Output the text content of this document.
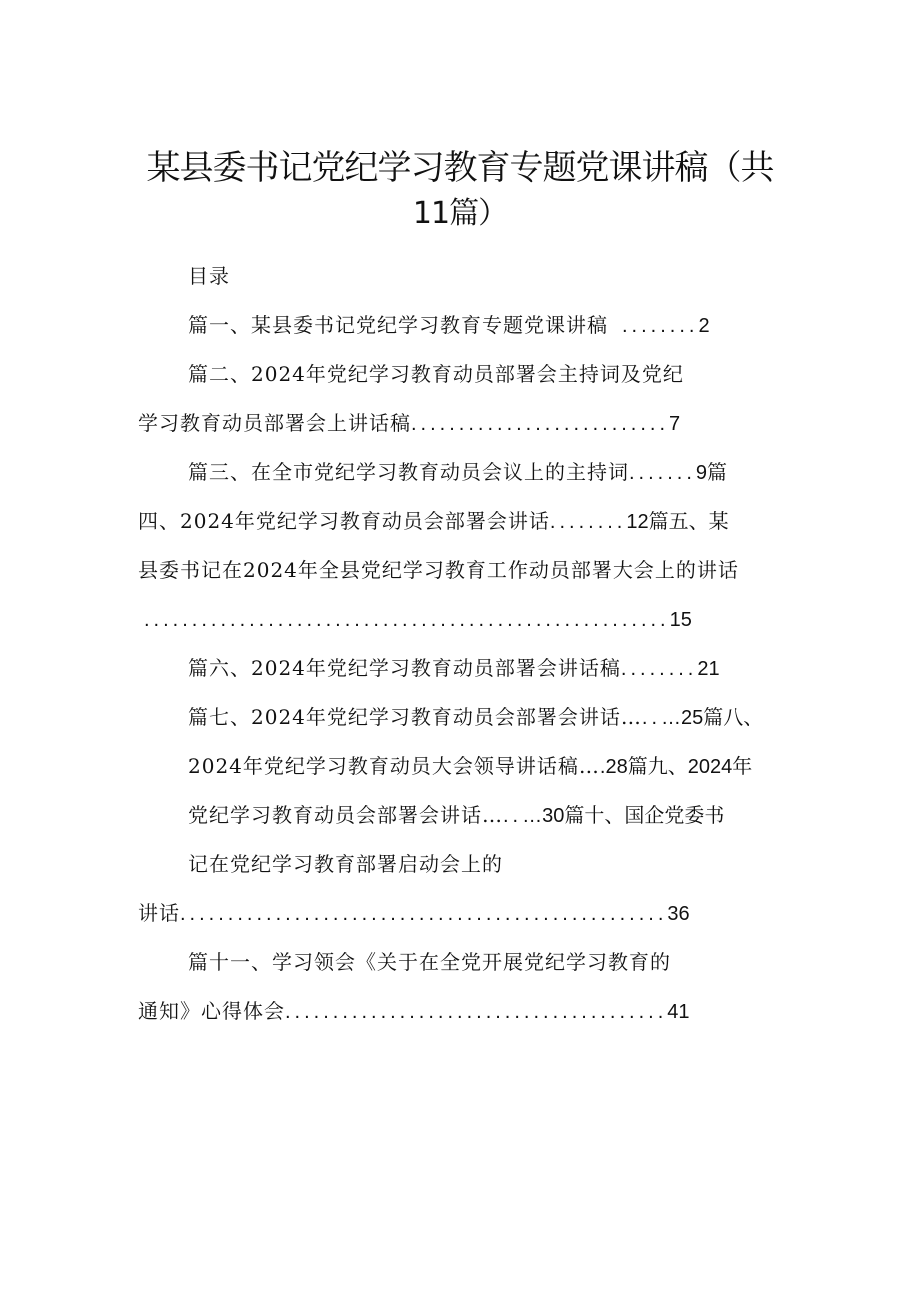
某县委书记党纪学习教育专题党课讲稿（共
11篇）
目录
篇一、某县委书记党纪学习教育专题党课讲稿 ........2
篇二、2024年党纪学习教育动员部署会主持词及党纪
学习教育动员部署会上讲话稿...........................7
篇三、在全市党纪学习教育动员会议上的主持词.......9篇
四、2024年党纪学习教育动员会部署会讲话........12篇五、某
县委书记在2024年全县党纪学习教育工作动员部署大会上的讲话
.......................................................15
篇六、2024年党纪学习教育动员部署会讲话稿........21
篇七、2024年党纪学习教育动员会部署会讲话…..…25篇八、
2024年党纪学习教育动员大会领导讲话稿….28篇九、2024年
党纪学习教育动员会部署会讲话…..…30篇十、国企党委书
记在党纪学习教育部署启动会上的
讲话...................................................36
篇十一、学习领会《关于在全党开展党纪学习教育的
通知》心得体会........................................41
